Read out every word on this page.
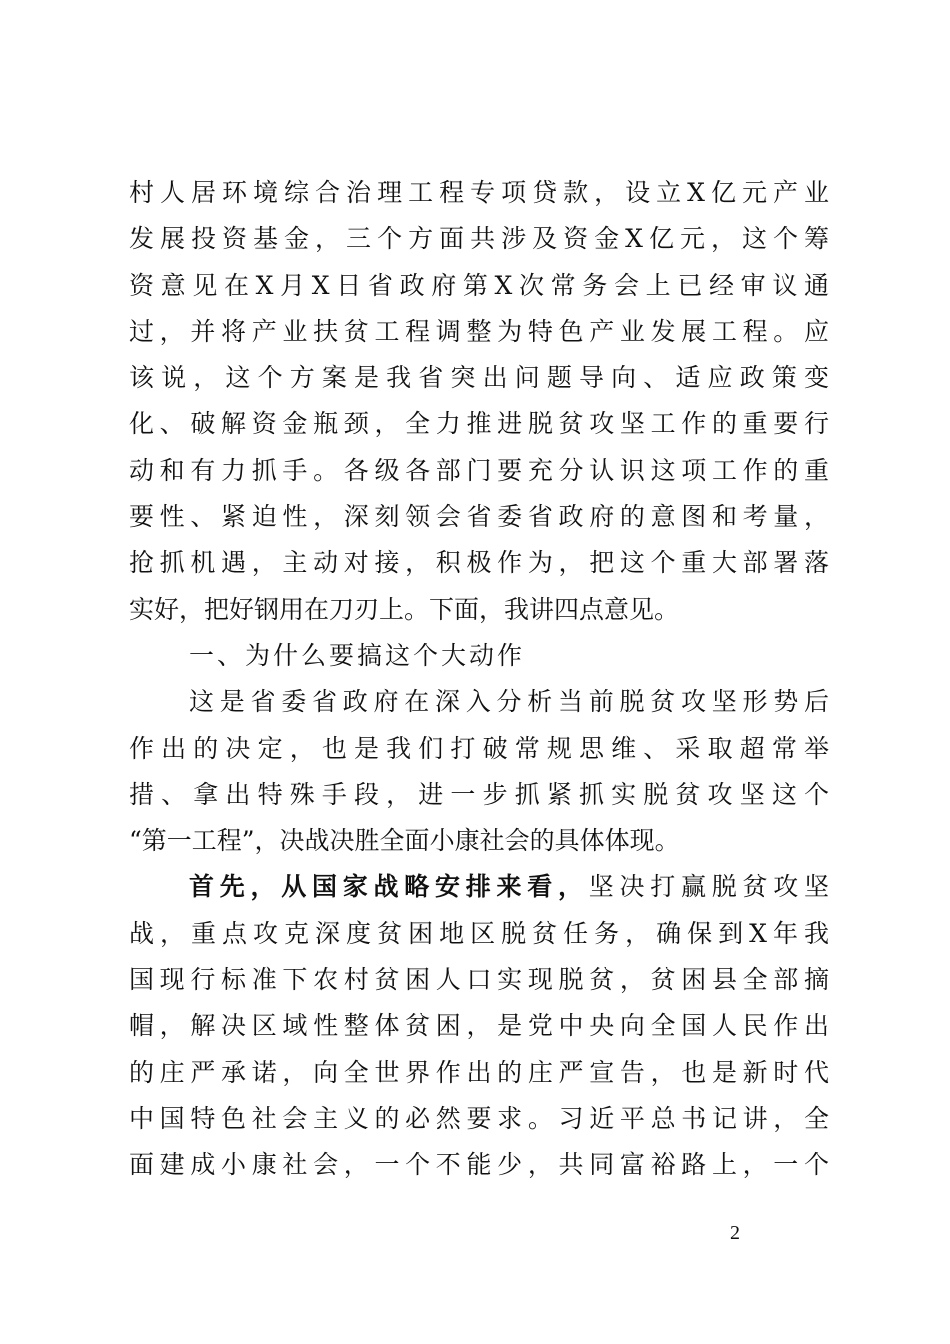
村人居环境综合治理工程专项贷款，设立X亿元产业
发展投资基金，三个方面共涉及资金X亿元，这个筹
资意见在X月X日省政府第X次常务会上已经审议通
过，并将产业扶贫工程调整为特色产业发展工程。应
该说，这个方案是我省突出问题导向、适应政策变
化、破解资金瓶颈，全力推进脱贫攻坚工作的重要行
动和有力抓手。各级各部门要充分认识这项工作的重
要性、紧迫性，深刻领会省委省政府的意图和考量，
抢抓机遇，主动对接，积极作为，把这个重大部署落
实好，把好钢用在刀刃上。下面，我讲四点意见。
一、为什么要搞这个大动作
这是省委省政府在深入分析当前脱贫攻坚形势后
作出的决定，也是我们打破常规思维、采取超常举
措、拿出特殊手段，进一步抓紧抓实脱贫攻坚这个
“第一工程”，决战决胜全面小康社会的具体体现。
首先，从国家战略安排来看，坚决打赢脱贫攻坚
战，重点攻克深度贫困地区脱贫任务，确保到X年我
国现行标准下农村贫困人口实现脱贫，贫困县全部摘
帽，解决区域性整体贫困，是党中央向全国人民作出
的庄严承诺，向全世界作出的庄严宣告，也是新时代
中国特色社会主义的必然要求。习近平总书记讲，全
面建成小康社会，一个不能少，共同富裕路上，一个
2
